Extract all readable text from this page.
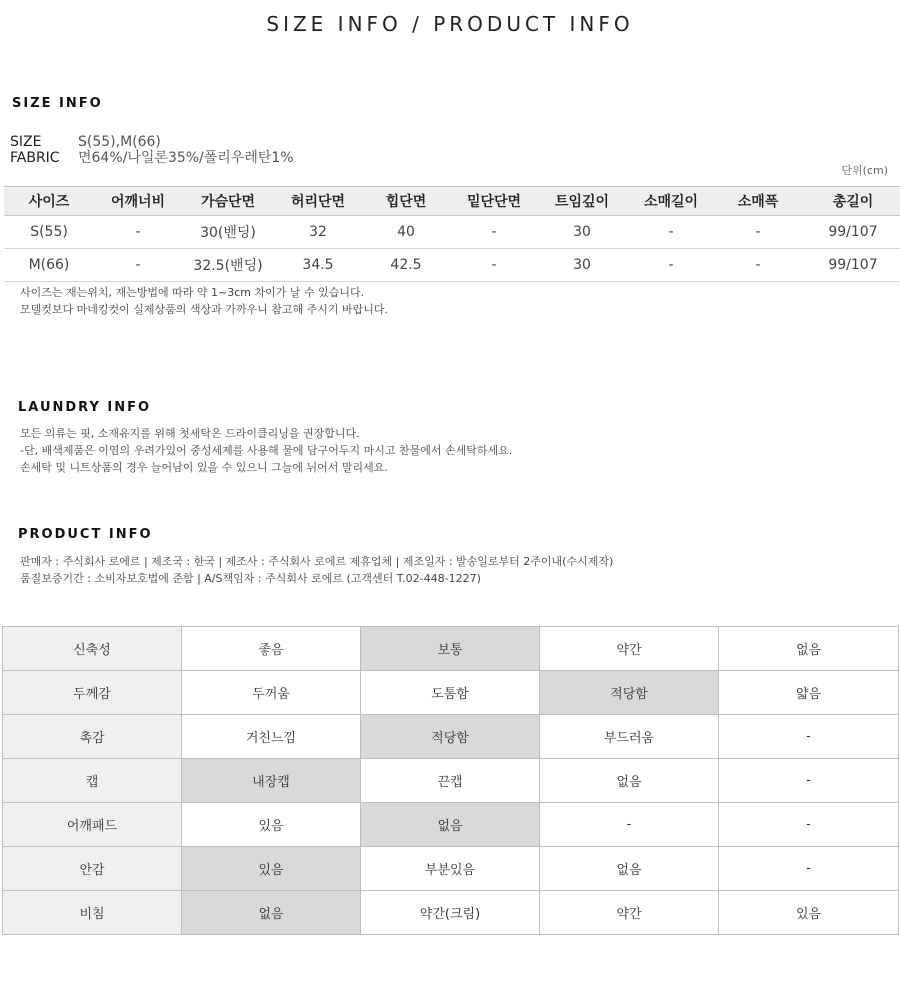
SIZE INFO / PRODUCT INFO
SIZE INFO
SIZE	S(55),M(66)
FABRIC 면64%/나일론35%/폴리우레탄1%
단위(cm)
사이즈	어깨너비	가슴단면	허리단면	힙단면	밑단단면	트임깊이	소매길이	소매폭	총길이
S(55)	-	30(밴딩)	32	40	-	30	-	-	99/107
M(66)	-	32.5(밴딩)	34.5	42.5	-	30	-	-	99/107
사이즈는 재는위치, 재는방법에 따라 약 1~3cm 차이가 날 수 있습니다.
모델컷보다 마네킹컷이 실제상품의 색상과 가까우니 참고해 주시기 바랍니다.
LAUNDRY INFO
모든 의류는 핏, 소재유지를 위해 첫세탁은 드라이클리닝을 권장합니다.
-단, 배색제품은 이염의 우려가있어 중성세제를 사용해 물에 담구어두지 마시고 찬물에서 손세탁하세요.
손세탁 및 니트상품의 경우 늘어남이 있을 수 있으니 그늘에 뉘어서 말리세요.
PRODUCT INFO
판매자 : 주식회사 로에르 | 제조국 : 한국 | 제조사 : 주식회사 로에르 제휴업체 | 제조일자 : 발송일로부터 2주이내(수시제작)
품질보증기간 : 소비자보호법에 준함 | A/S책임자 : 주식회사 로에르 (고객센터 T.02-448-1227)
신축성	좋음	보통	약간	없음
두께감	두꺼움	도톰함	적당함	얇음
촉감	거친느낌	적당함	부드러움	-
캡	내장캡	끈캡	없음	-
어깨패드	있음	없음	-	-
안감	있음	부분있음	없음	-
비침	없음	약간(크림)	약간	있음
